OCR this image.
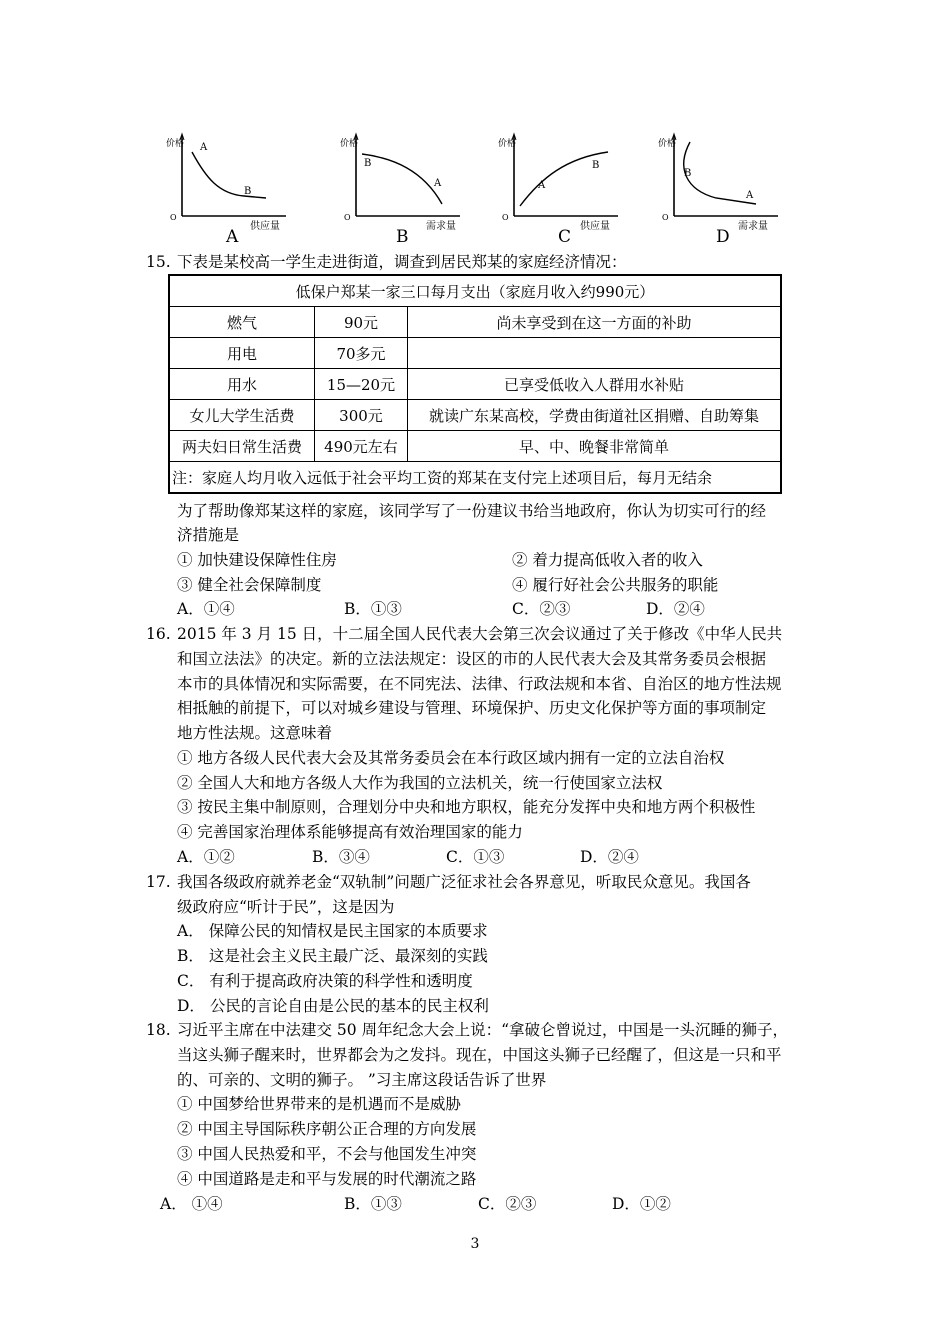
价格
O
A
B
供应量
A
价格
O
B
A
需求量
B
价格
O
A
B
供应量
C
价格
O
B
A
需求量
D
15. 下表是某校高一学生走进街道，调查到居民郑某的家庭经济情况：
低保户郑某一家三口每月支出（家庭月收入约990元）		
燃气	90元	尚未享受到在这一方面的补助
用电	70多元	
用水	15—20元	已享受低收入人群用水补贴
女儿大学生活费	300元	就读广东某高校，学费由街道社区捐赠、自助筹集
两夫妇日常生活费	490元左右	早、中、晚餐非常简单
注：家庭人均月收入远低于社会平均工资的郑某在支付完上述项目后，每月无结余		
为了帮助像郑某这样的家庭，该同学写了一份建议书给当地政府，你认为切实可行的经
济措施是
① 加快建设保障性住房	② 着力提高低收入者的收入
③ 健全社会保障制度	④ 履行好社会公共服务的职能
A．①④	B．①③	C．②③	D．②④
16. 2015 年 3 月 15 日，十二届全国人民代表大会第三次会议通过了关于修改《中华人民共
和国立法法》的决定。新的立法法规定：设区的市的人民代表大会及其常务委员会根据
本市的具体情况和实际需要，在不同宪法、法律、行政法规和本省、自治区的地方性法规
相抵触的前提下，可以对城乡建设与管理、环境保护、历史文化保护等方面的事项制定
地方性法规。这意味着
① 地方各级人民代表大会及其常务委员会在本行政区域内拥有一定的立法自治权
② 全国人大和地方各级人大作为我国的立法机关，统一行使国家立法权
③ 按民主集中制原则，合理划分中央和地方职权，能充分发挥中央和地方两个积极性
④ 完善国家治理体系能够提高有效治理国家的能力
A．①②	B．③④	C．①③	D．②④
17. 我国各级政府就养老金“双轨制”问题广泛征求社会各界意见，听取民众意见。我国各
级政府应“听计于民”，这是因为
A． 保障公民的知情权是民主国家的本质要求
B． 这是社会主义民主最广泛、最深刻的实践
C． 有利于提高政府决策的科学性和透明度
D． 公民的言论自由是公民的基本的民主权利
18. 习近平主席在中法建交 50 周年纪念大会上说：“拿破仑曾说过，中国是一头沉睡的狮子，
当这头狮子醒来时，世界都会为之发抖。现在，中国这头狮子已经醒了，但这是一只和平
的、可亲的、文明的狮子。 ”习主席这段话告诉了世界
① 中国梦给世界带来的是机遇而不是威胁
② 中国主导国际秩序朝公正合理的方向发展
③ 中国人民热爱和平，不会与他国发生冲突
④ 中国道路是走和平与发展的时代潮流之路
A． ①④	B．①③	C．②③	D．①②
3
